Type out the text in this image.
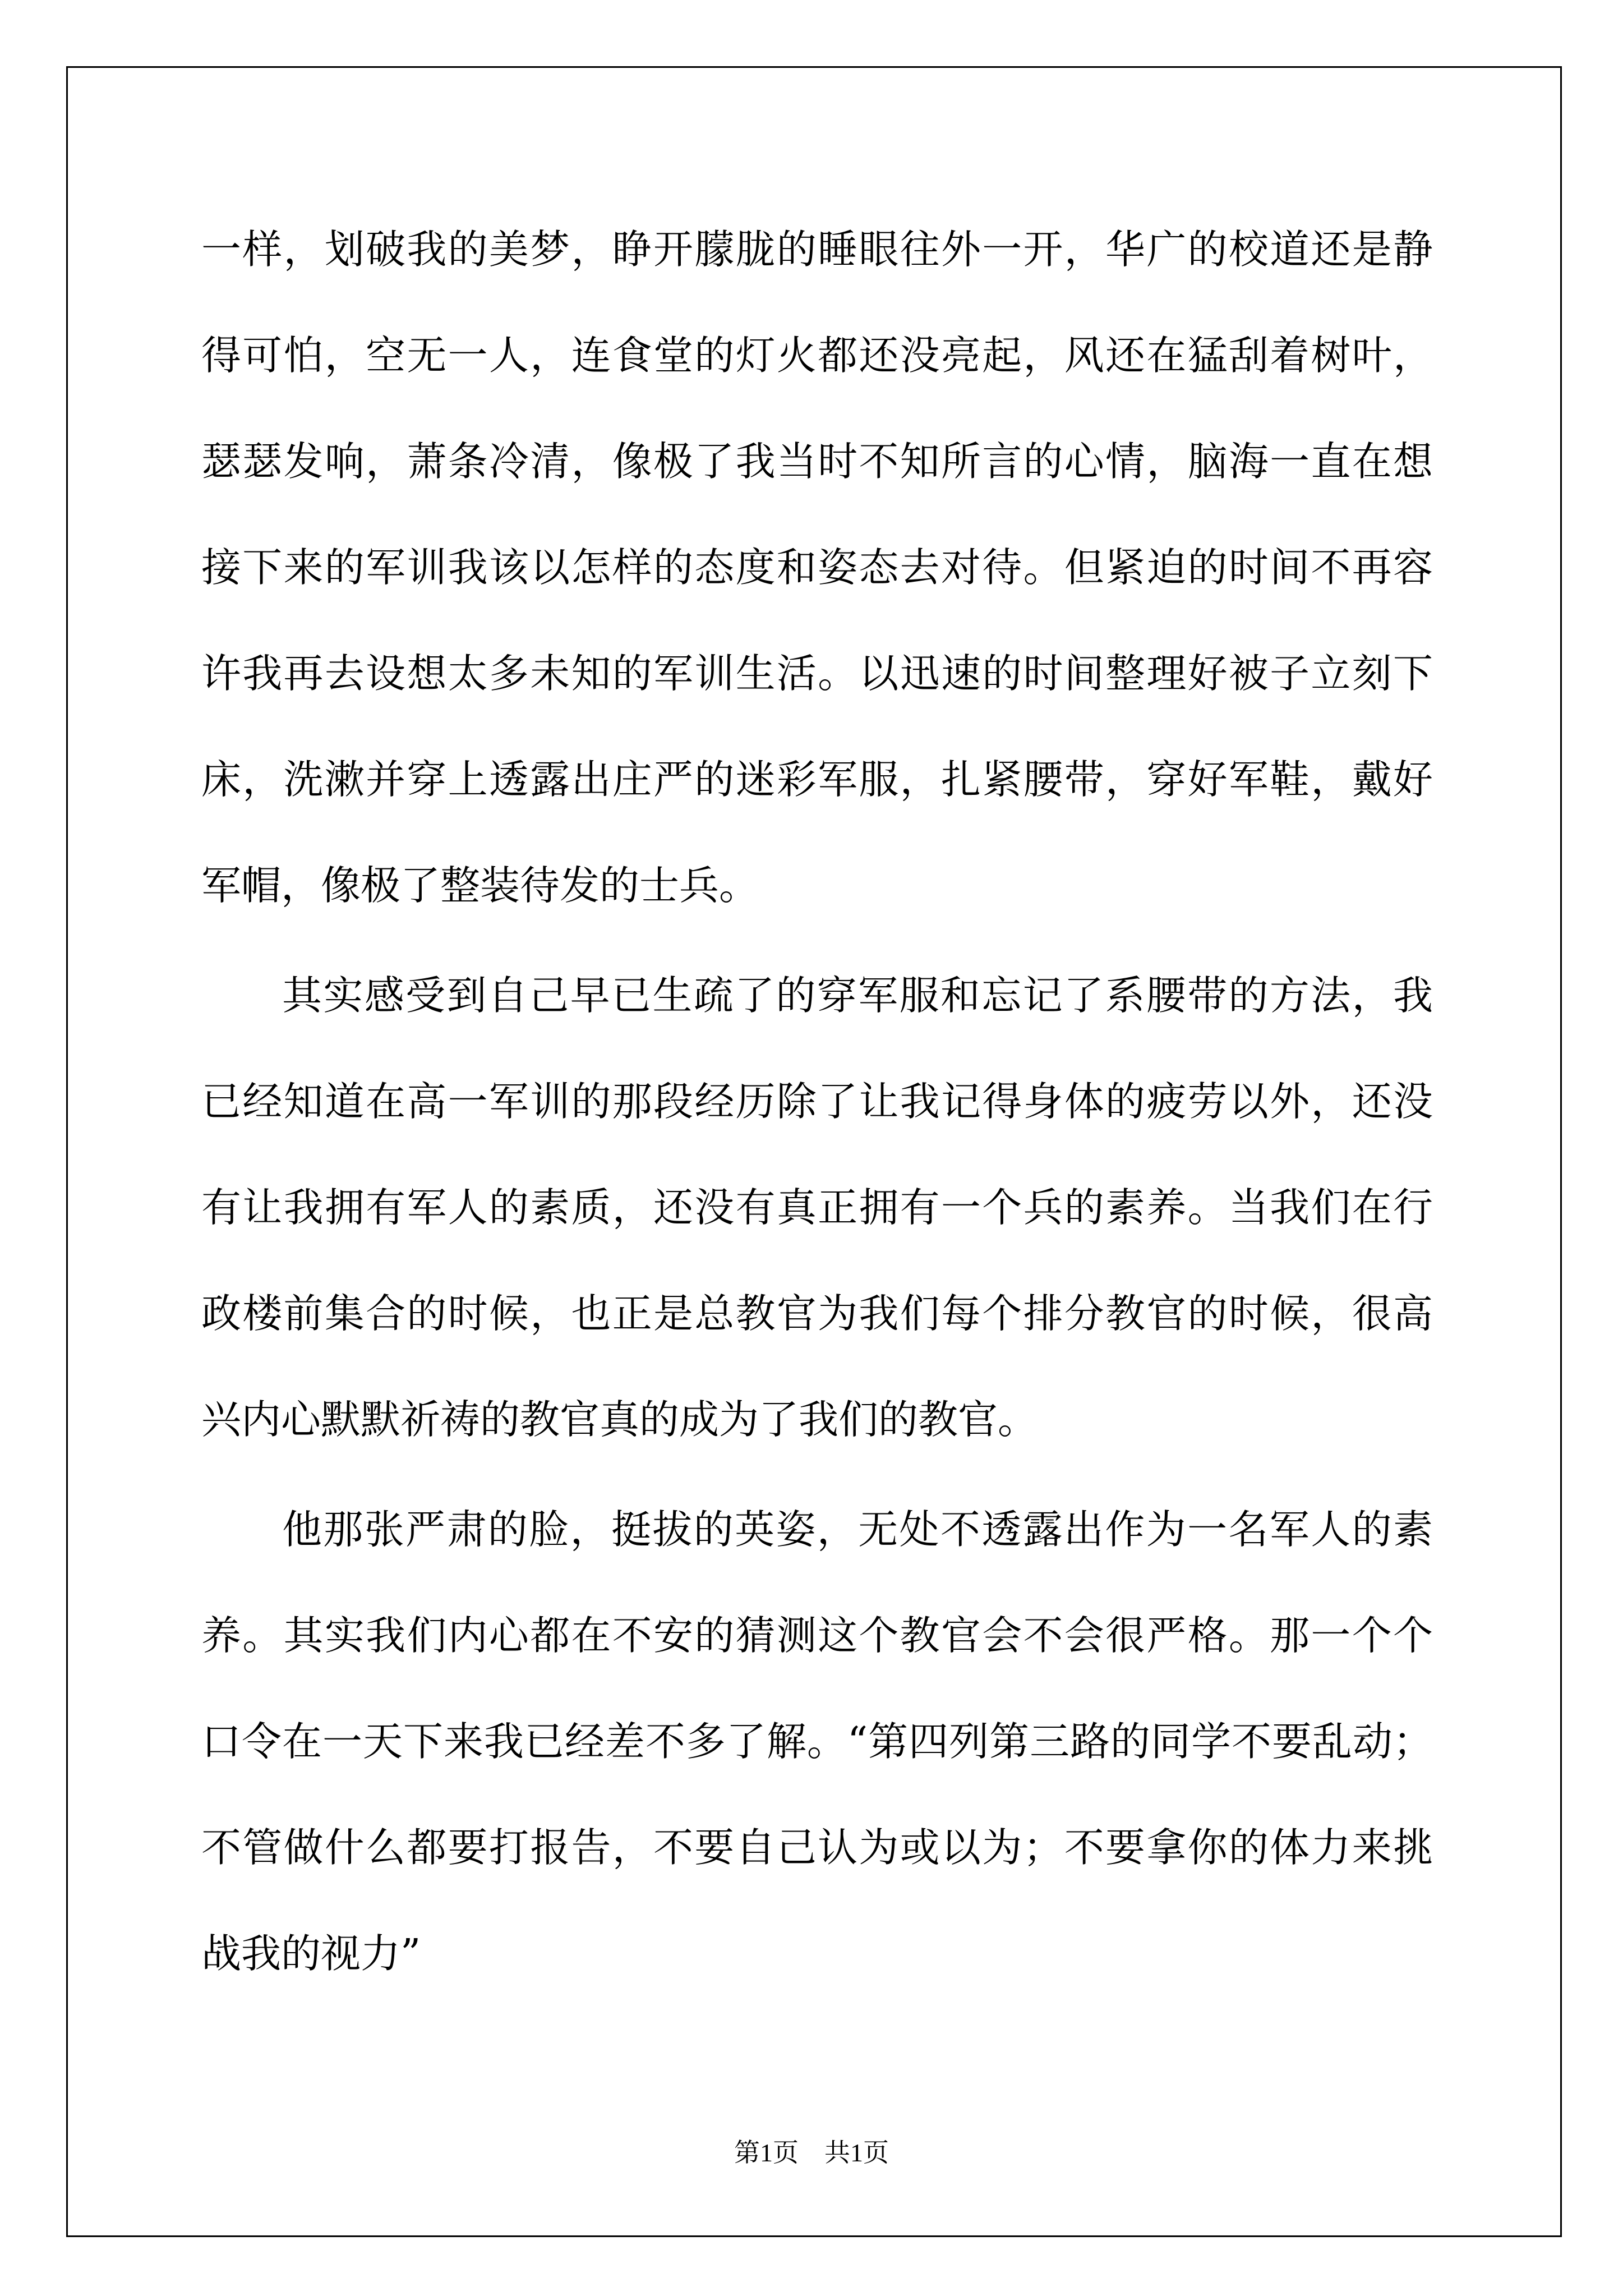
一样，划破我的美梦，睁开朦胧的睡眼往外一开，华广的校道还是静
得可怕，空无一人，连食堂的灯火都还没亮起，风还在猛刮着树叶，
瑟瑟发响，萧条冷清，像极了我当时不知所言的心情，脑海一直在想
接下来的军训我该以怎样的态度和姿态去对待。但紧迫的时间不再容
许我再去设想太多未知的军训生活。以迅速的时间整理好被子立刻下
床，洗漱并穿上透露出庄严的迷彩军服，扎紧腰带，穿好军鞋，戴好
军帽，像极了整装待发的士兵。
其实感受到自己早已生疏了的穿军服和忘记了系腰带的方法，我
已经知道在高一军训的那段经历除了让我记得身体的疲劳以外，还没
有让我拥有军人的素质，还没有真正拥有一个兵的素养。当我们在行
政楼前集合的时候，也正是总教官为我们每个排分教官的时候，很高
兴内心默默祈祷的教官真的成为了我们的教官。
他那张严肃的脸，挺拔的英姿，无处不透露出作为一名军人的素
养。其实我们内心都在不安的猜测这个教官会不会很严格。那一个个
口令在一天下来我已经差不多了解。“第四列第三路的同学不要乱动；
不管做什么都要打报告，不要自己认为或以为；不要拿你的体力来挑
战我的视力”
第1页　共1页
